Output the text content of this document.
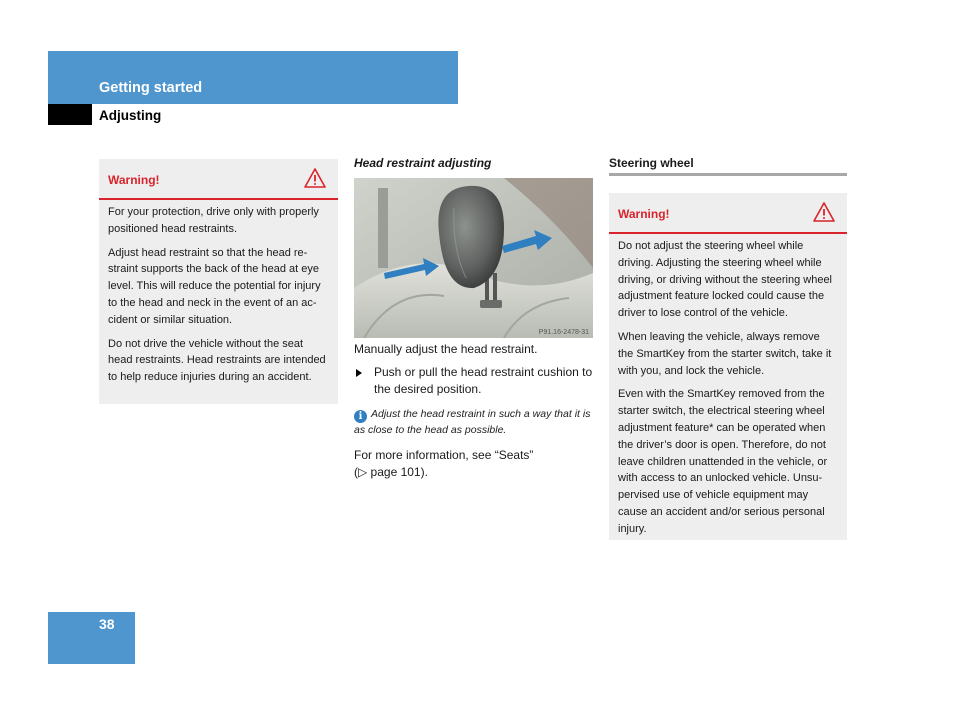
Getting started
Adjusting
Warning!

For your protection, drive only with properly positioned head restraints.

Adjust head restraint so that the head re-straint supports the back of the head at eye level. This will reduce the potential for injury to the head and neck in the event of an ac-cident or similar situation.

Do not drive the vehicle without the seat head restraints. Head restraints are intended to help reduce injuries during an accident.

Head restraint adjusting
P91.16-2478-31
Manually adjust the head restraint.
Push or pull the head restraint cushion to the desired position.
i Adjust the head restraint in such a way that it is as close to the head as possible.
For more information, see “Seats”
(▷ page 101).
Steering wheel
Warning!

Do not adjust the steering wheel while driving. Adjusting the steering wheel while driving, or driving without the steering wheel adjustment feature locked could cause the driver to lose control of the vehicle.

When leaving the vehicle, always remove the SmartKey from the starter switch, take it with you, and lock the vehicle.

Even with the SmartKey removed from the starter switch, the electrical steering wheel adjustment feature* can be operated when the driver’s door is open. Therefore, do not leave children unattended in the vehicle, or with access to an unlocked vehicle. Unsu-pervised use of vehicle equipment may cause an accident and/or serious personal injury.

38
